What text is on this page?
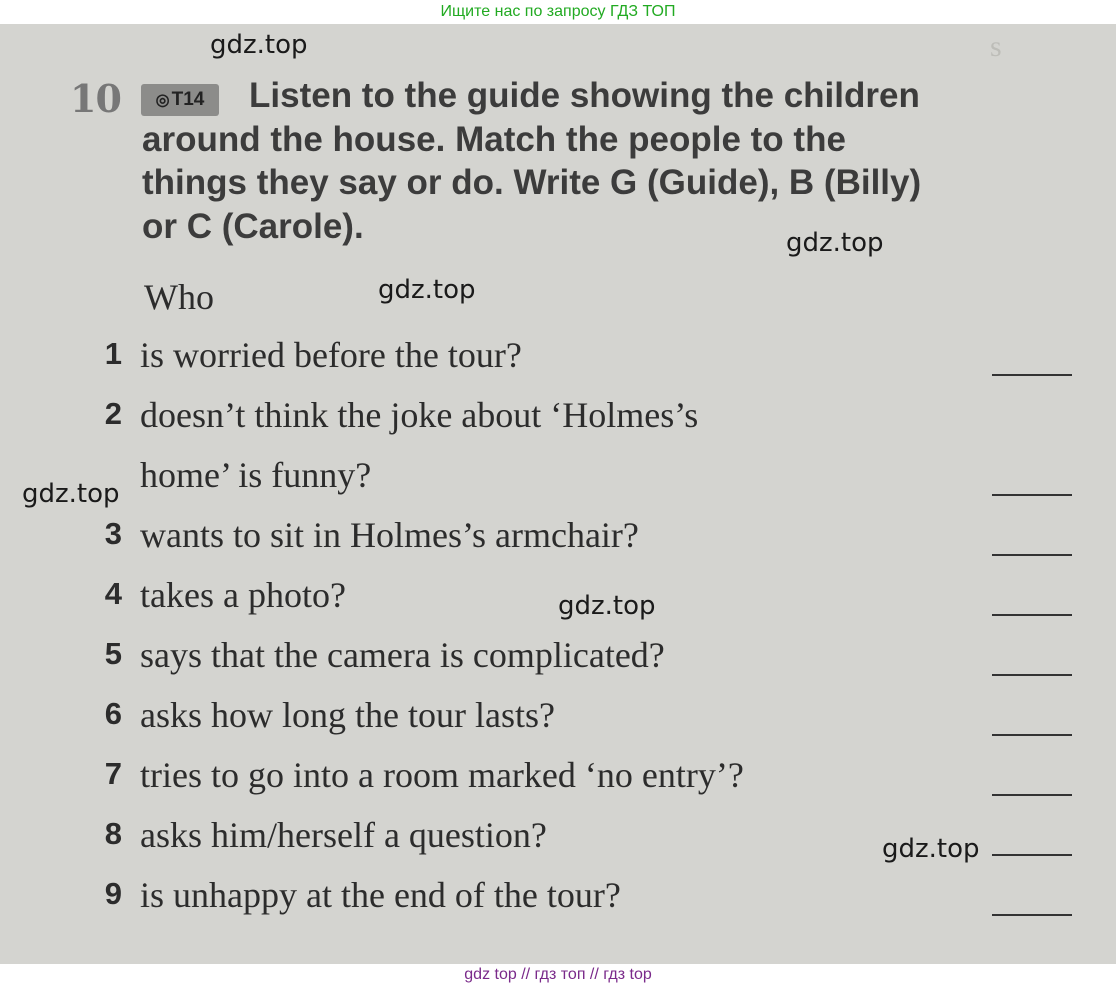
Ищите нас по запросу ГДЗ ТОП
s
10	◎ T14	Listen to the guide showing the children
around the house. Match the people to the
things they say or do. Write G (Guide), B (Billy)
or C (Carole).
Who
1 is worried before the tour?
2 doesn’t think the joke about ‘Holmes’s
home’ is funny?
3 wants to sit in Holmes’s armchair?
4 takes a photo?
5 says that the camera is complicated?
6 asks how long the tour lasts?
7 tries to go into a room marked ‘no entry’?
8 asks him/herself a question?
9 is unhappy at the end of the tour?
gdz.top
gdz.top
gdz.top
gdz.top
gdz.top
gdz.top
gdz top // гдз топ // гдз top
